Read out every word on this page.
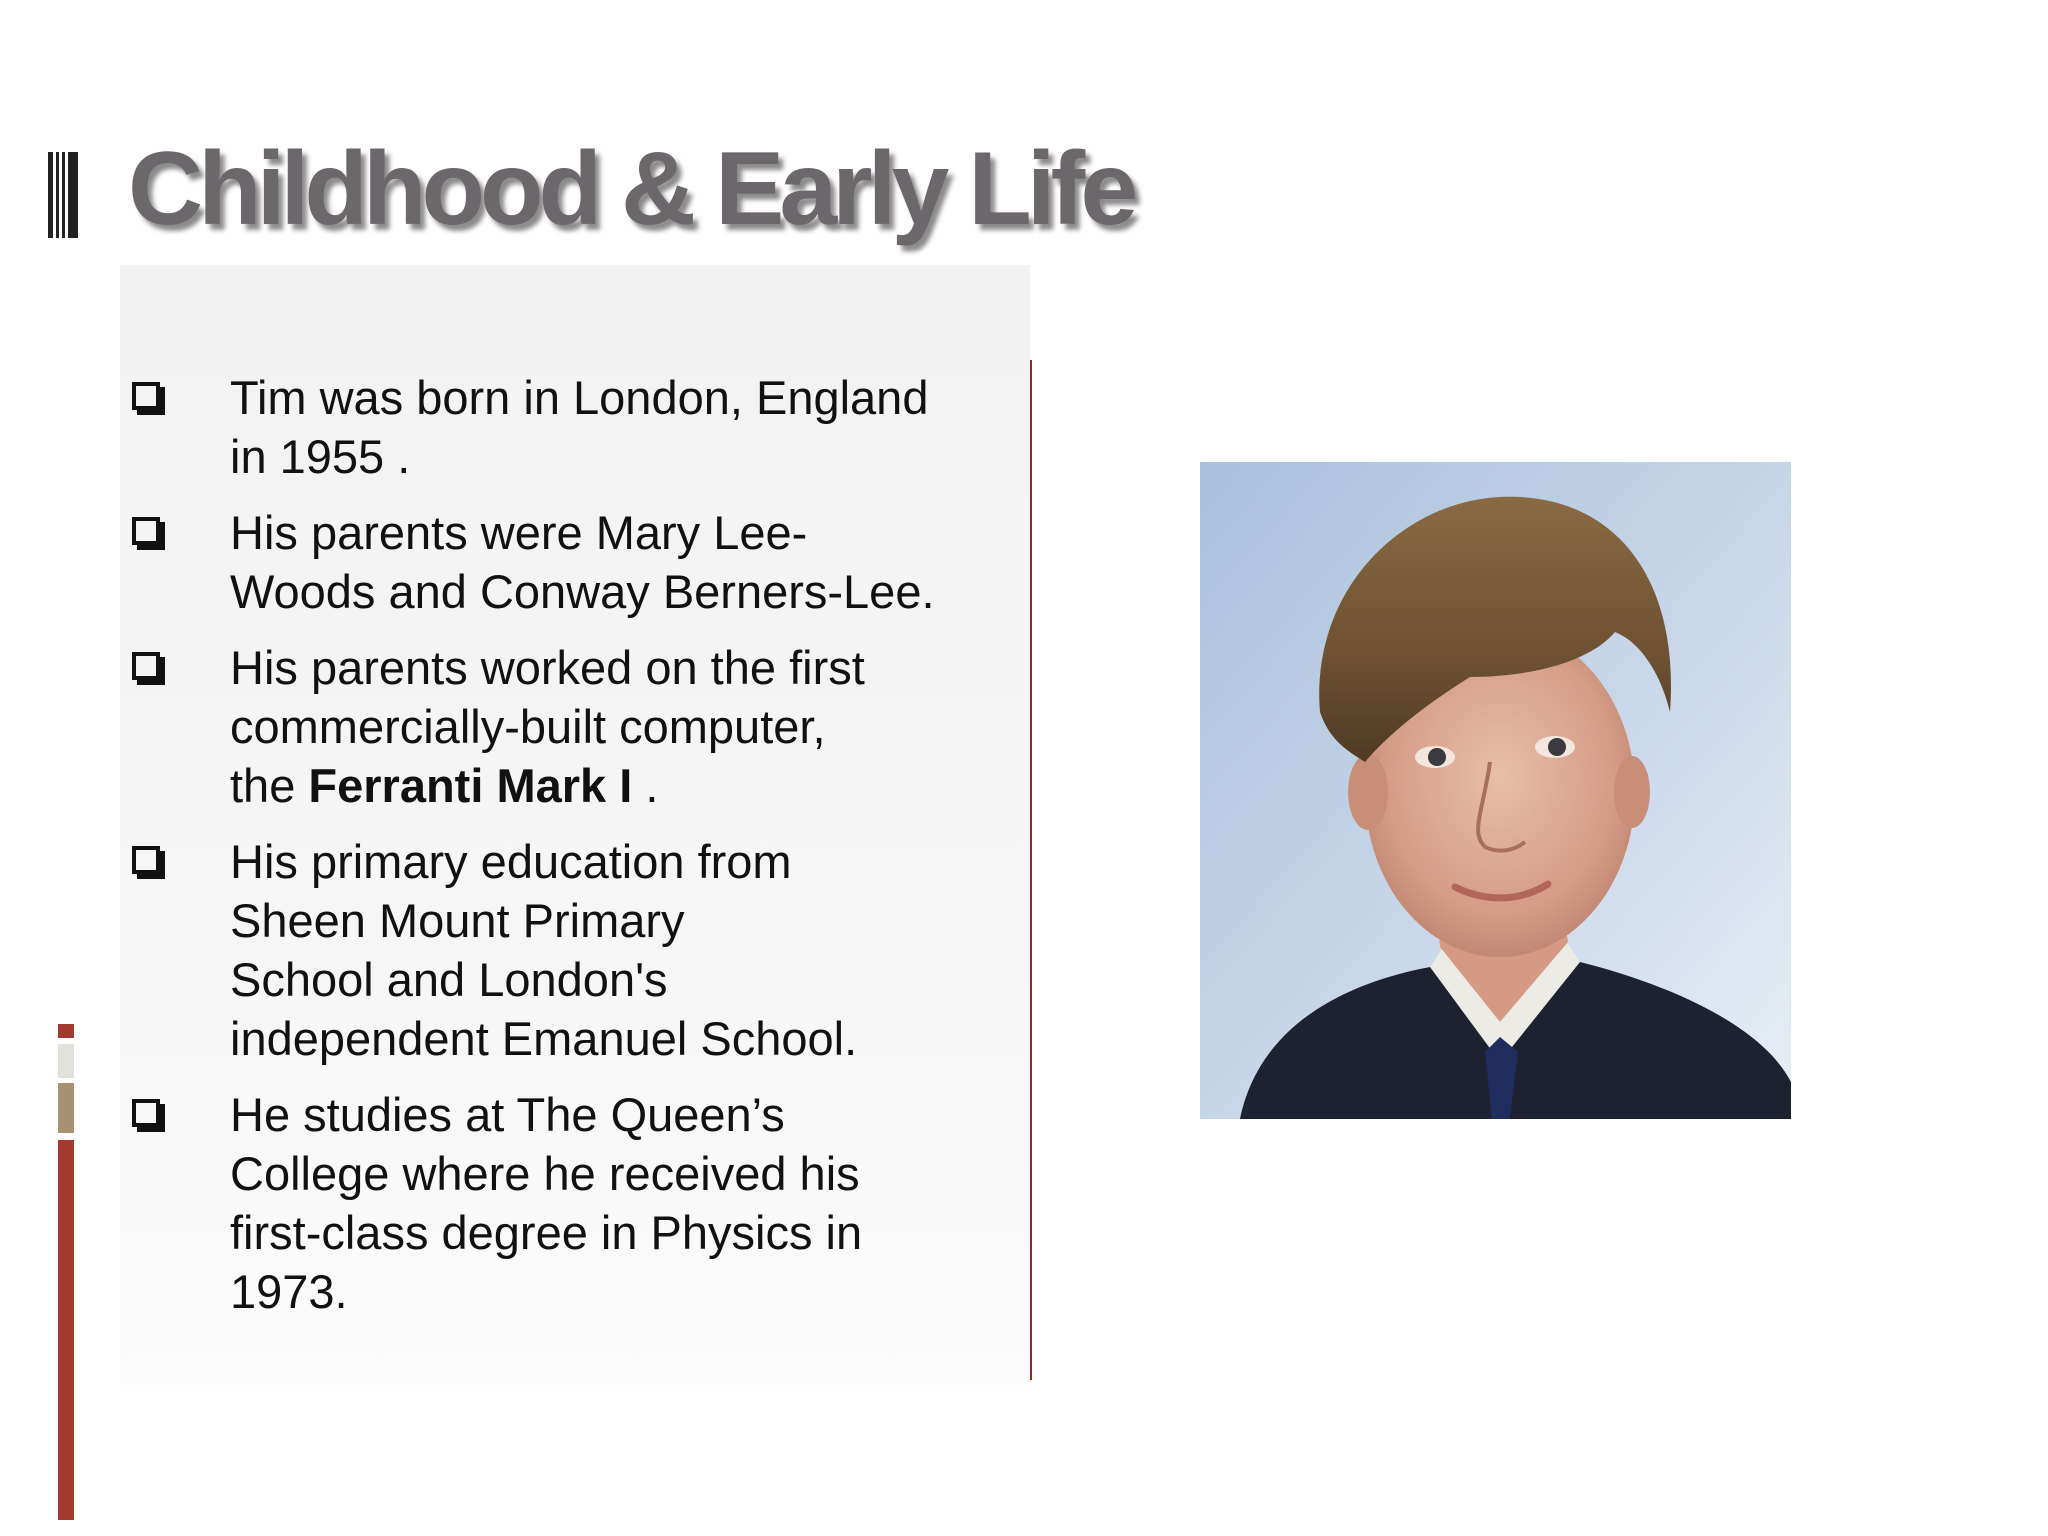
Childhood & Early Life
Tim was born in London, England
in 1955 .
His parents were Mary Lee-
Woods and Conway Berners-Lee.
His parents worked on the first
commercially-built computer,
the Ferranti Mark I .
His primary education from
Sheen Mount Primary
School and London's
independent Emanuel School.
He studies at The Queen’s
College where he received his
first-class degree in Physics in
1973.
